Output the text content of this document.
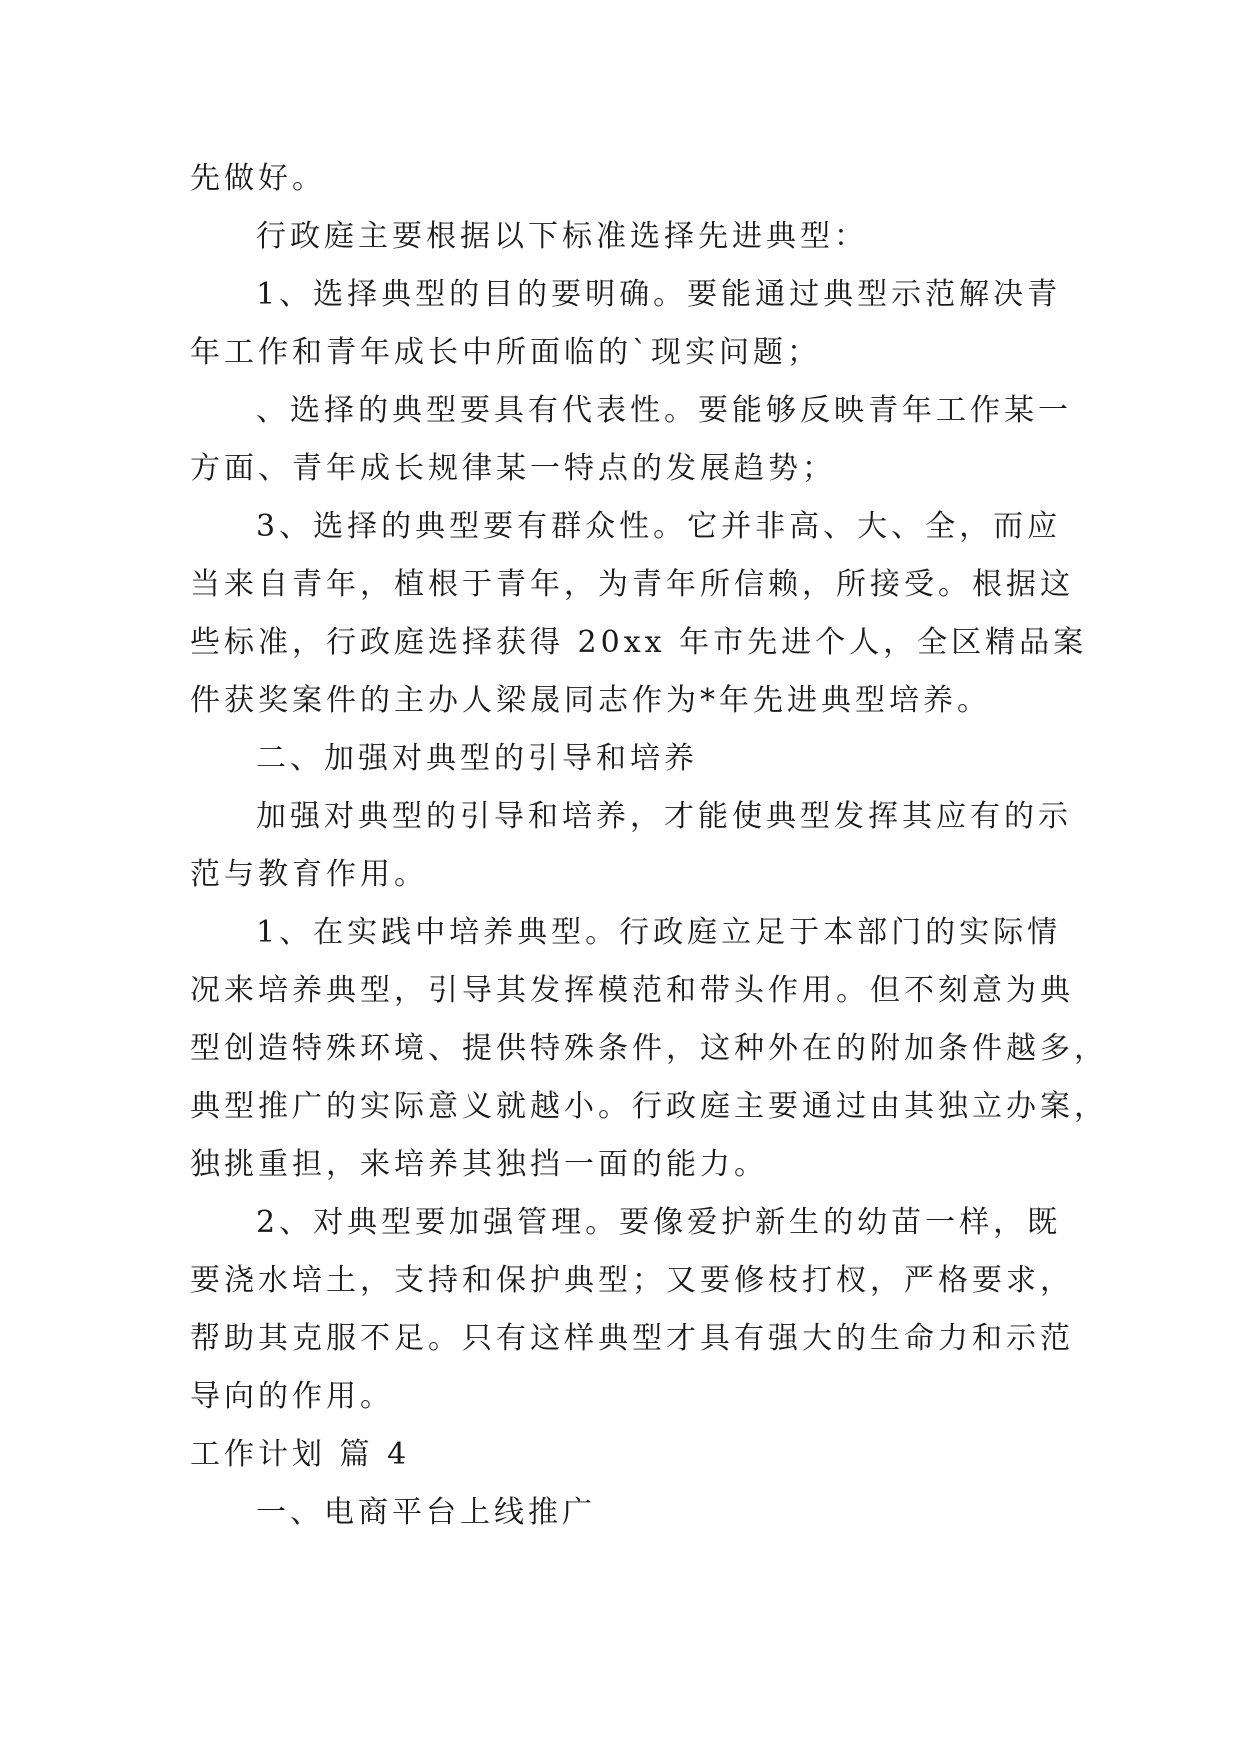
先做好。
行政庭主要根据以下标准选择先进典型：
1、选择典型的目的要明确。要能通过典型示范解决青
年工作和青年成长中所面临的`现实问题；
、选择的典型要具有代表性。要能够反映青年工作某一
方面、青年成长规律某一特点的发展趋势；
3、选择的典型要有群众性。它并非高、大、全，而应
当来自青年，植根于青年，为青年所信赖，所接受。根据这
些标准，行政庭选择获得 20xx 年市先进个人，全区精品案
件获奖案件的主办人梁晟同志作为*年先进典型培养。
二、加强对典型的引导和培养
加强对典型的引导和培养，才能使典型发挥其应有的示
范与教育作用。
1、在实践中培养典型。行政庭立足于本部门的实际情
况来培养典型，引导其发挥模范和带头作用。但不刻意为典
型创造特殊环境、提供特殊条件，这种外在的附加条件越多，
典型推广的实际意义就越小。行政庭主要通过由其独立办案，
独挑重担，来培养其独挡一面的能力。
2、对典型要加强管理。要像爱护新生的幼苗一样，既
要浇水培土，支持和保护典型；又要修枝打杈，严格要求，
帮助其克服不足。只有这样典型才具有强大的生命力和示范
导向的作用。
工作计划 篇 4
一、电商平台上线推广
